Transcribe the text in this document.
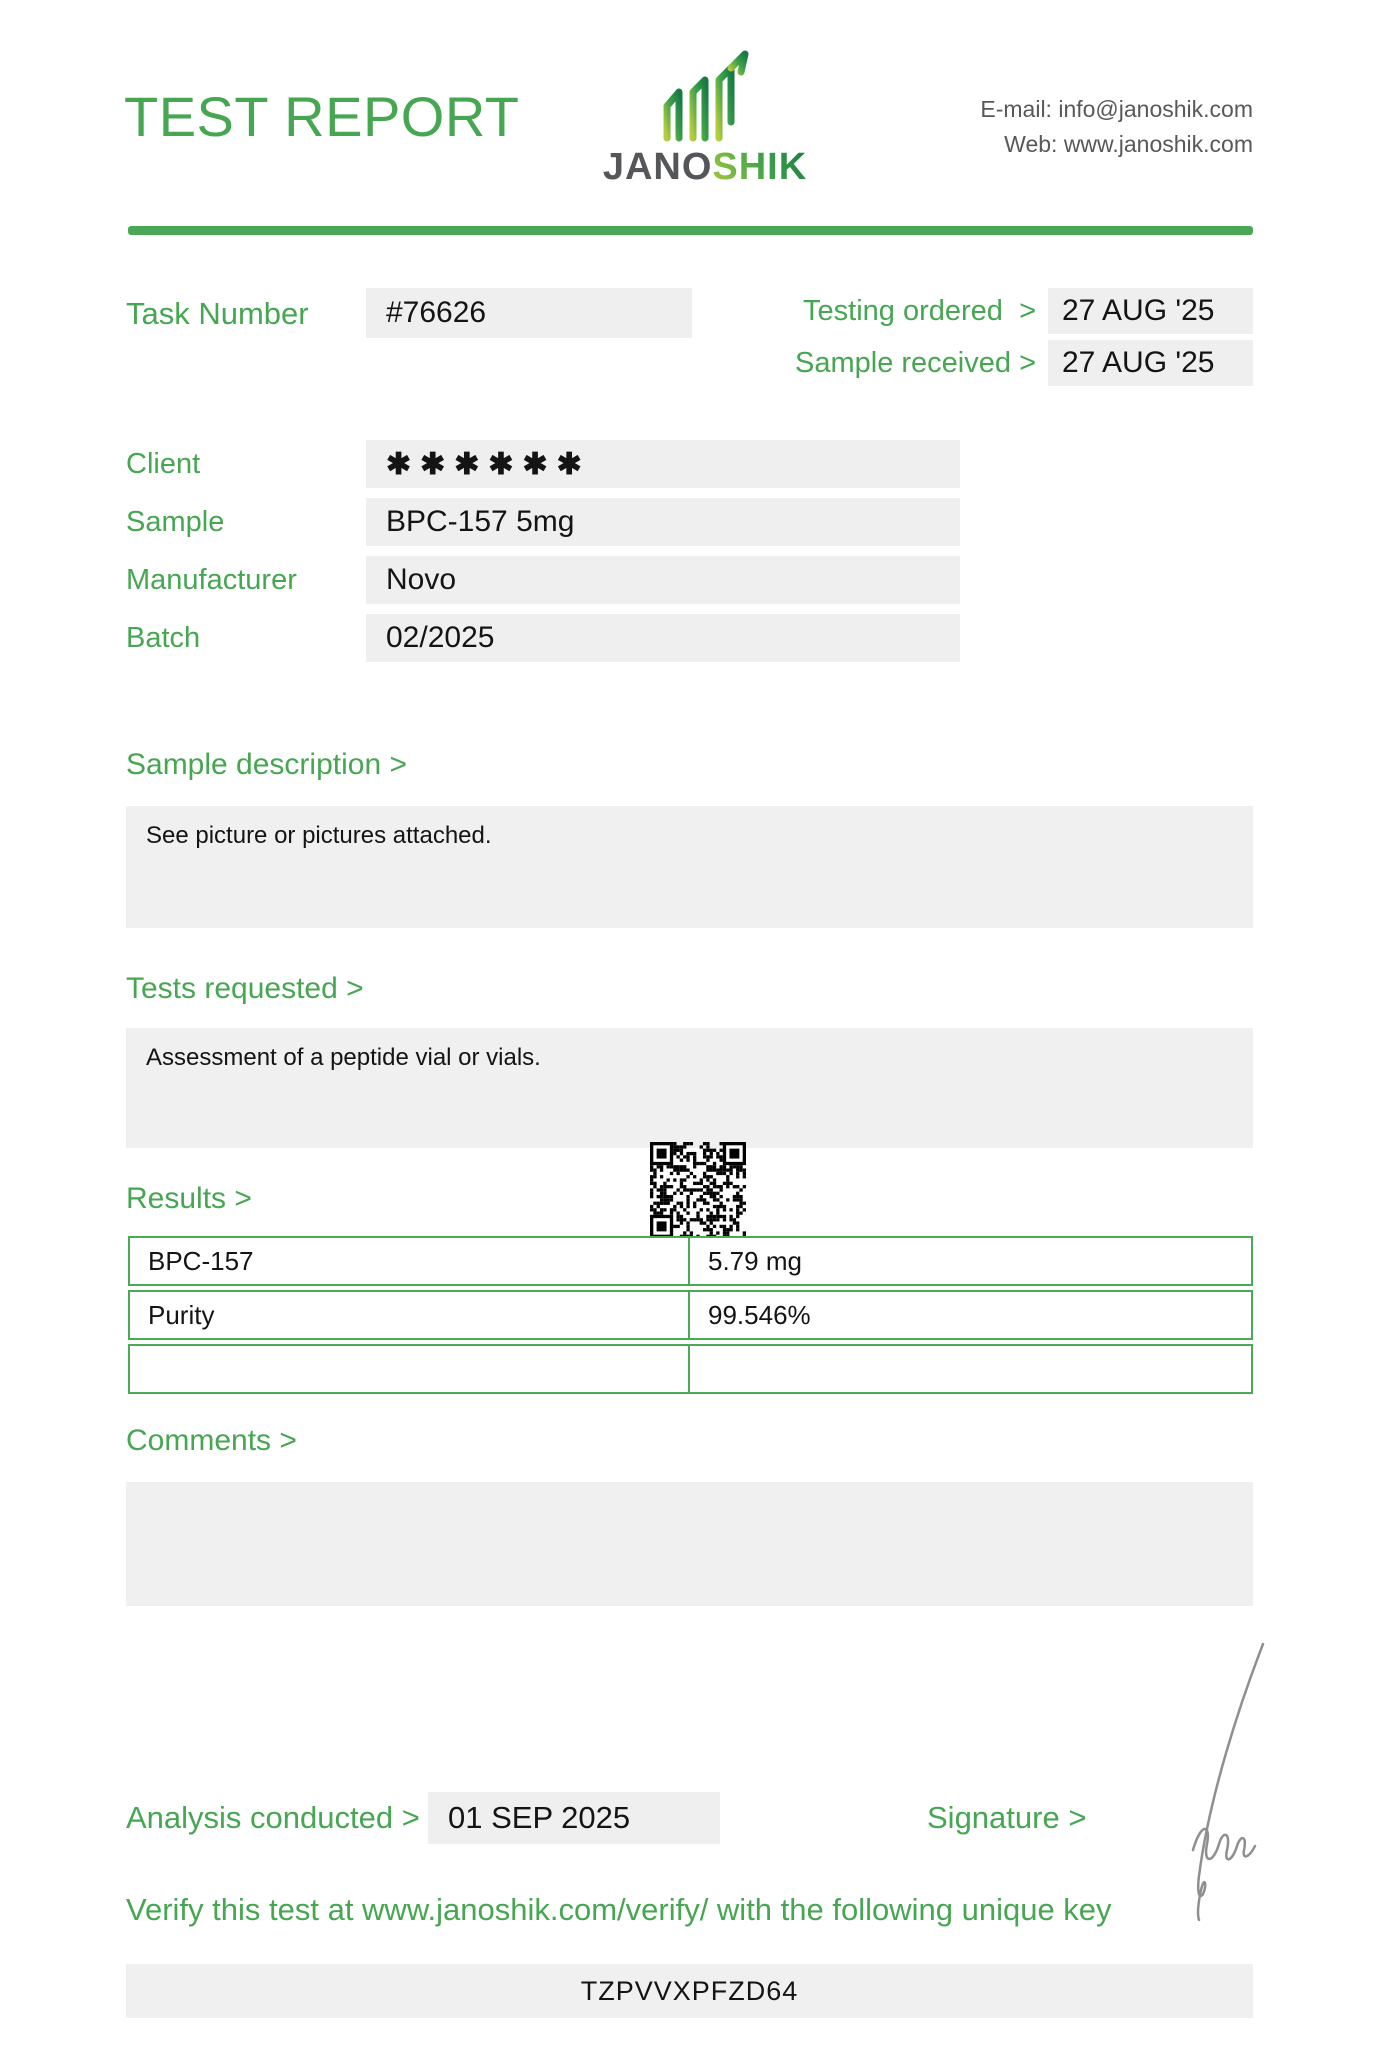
TEST REPORT
JANOSHIK
E-mail: info@janoshik.com
Web: www.janoshik.com
Task Number	#76626	Testing ordered > 27 AUG '25
Sample received > 27 AUG '25
Client	✱✱✱✱✱✱
Sample	BPC-157 5mg
Manufacturer	Novo
Batch	02/2025
Sample description >
See picture or pictures attached.
Tests requested >
Assessment of a peptide vial or vials.
Results >
BPC-157	5.79 mg
Purity	99.546%
Comments >
Analysis conducted > 01 SEP 2025	Signature >
Verify this test at www.janoshik.com/verify/ with the following unique key
TZPVVXPFZD64
